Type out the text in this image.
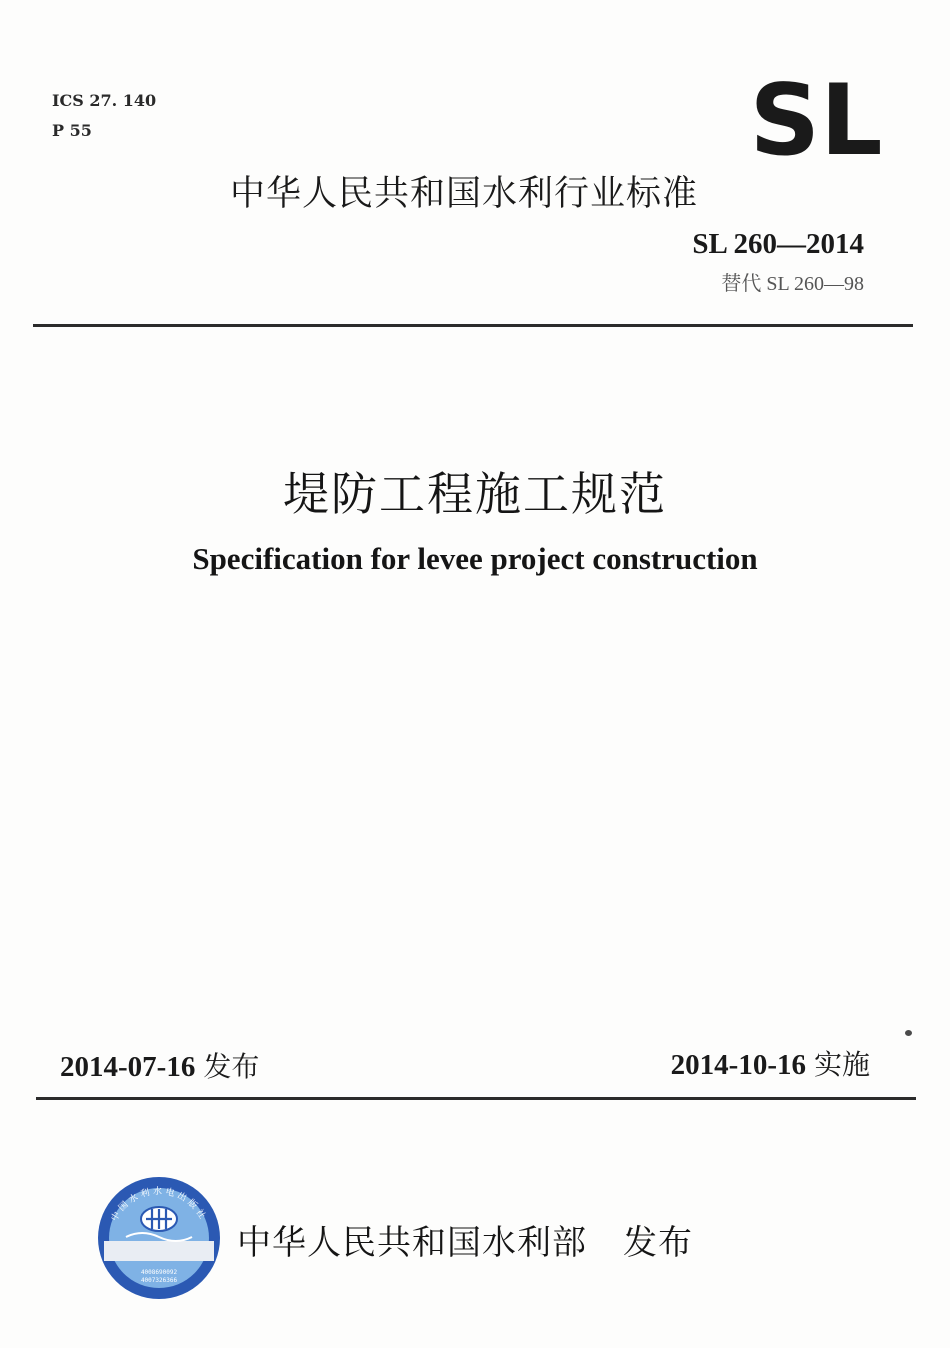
ICS 27. 140
P 55	SL
中华人民共和国水利行业标准
SL 260—2014
替代 SL 260—98
堤防工程施工规范
Specification for levee project construction
2014-07-16 发布	2014-10-16 实施
中国水利水电出版社
4008690092
4007326366
中华人民共和国水利部 发布
